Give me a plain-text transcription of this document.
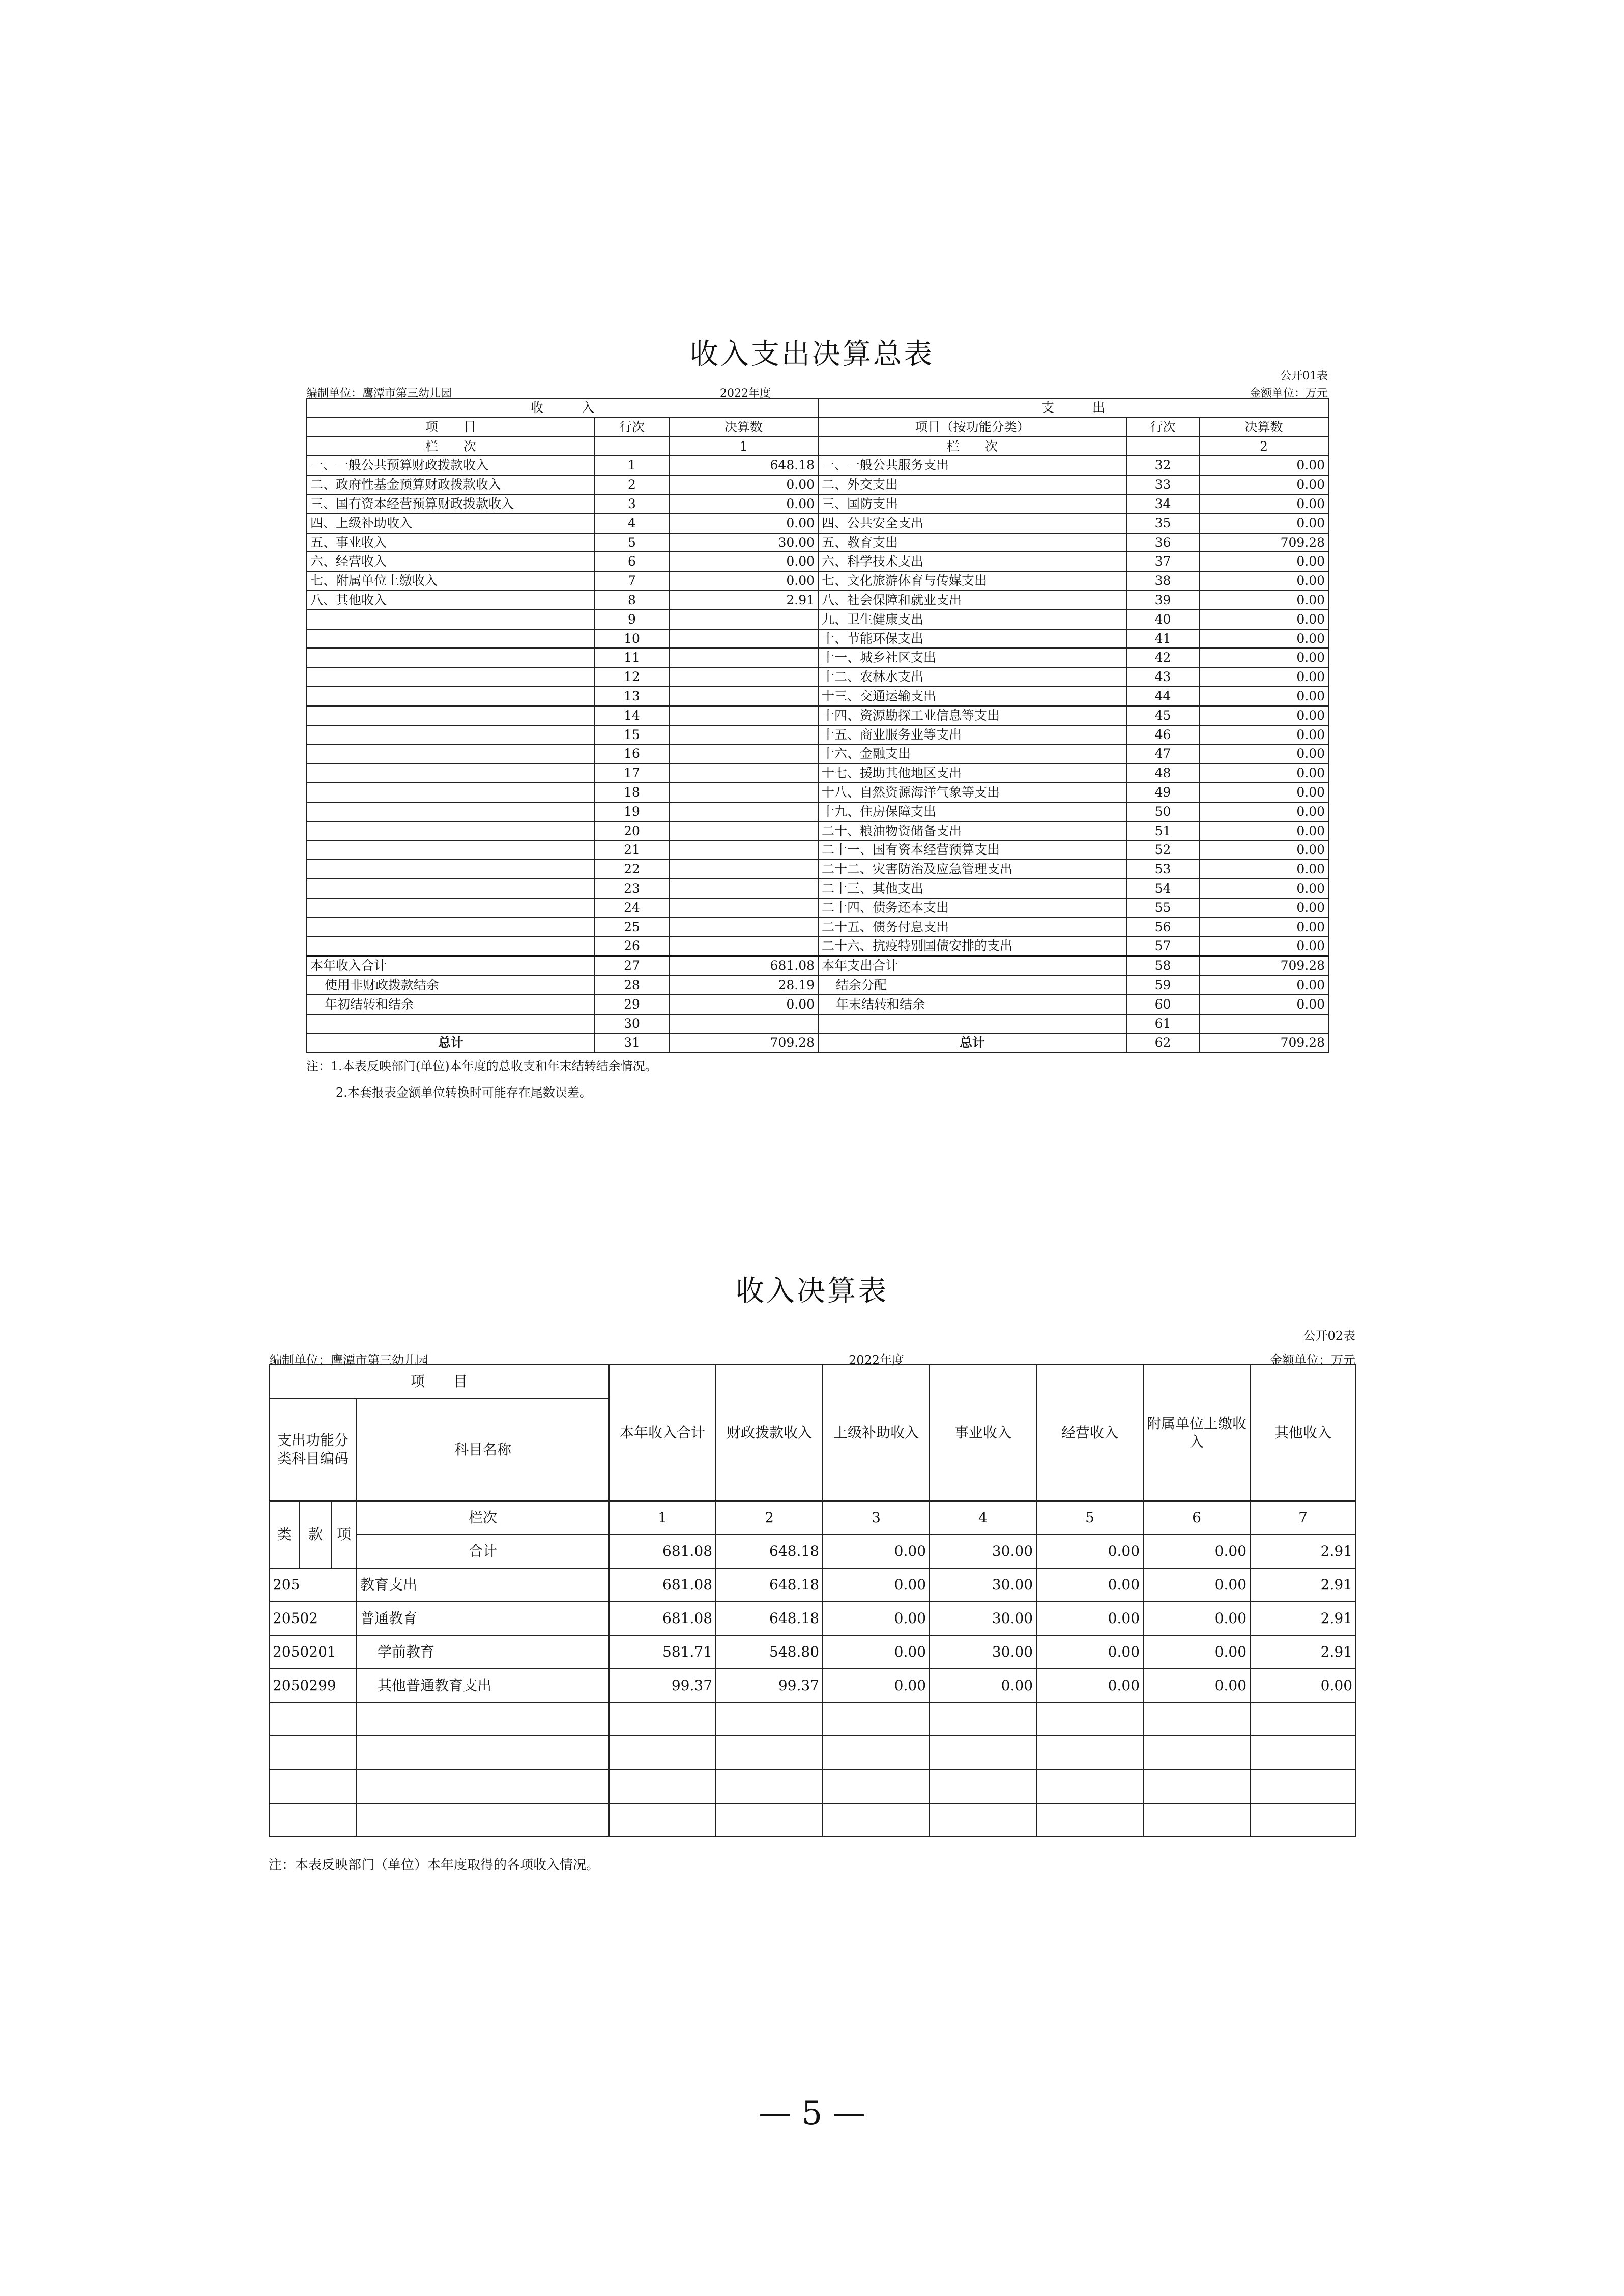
收入支出决算总表
公开01表
编制单位：鹰潭市第三幼儿园	2022年度	金额单位：万元
收　　　入			支　　　出		
项　　目	行次	决算数	项目（按功能分类）	行次	决算数
栏　　次		1	栏　　次		2
一、一般公共预算财政拨款收入	1	648.18	一、一般公共服务支出	32	0.00
二、政府性基金预算财政拨款收入	2	0.00	二、外交支出	33	0.00
三、国有资本经营预算财政拨款收入	3	0.00	三、国防支出	34	0.00
四、上级补助收入	4	0.00	四、公共安全支出	35	0.00
五、事业收入	5	30.00	五、教育支出	36	709.28
六、经营收入	6	0.00	六、科学技术支出	37	0.00
七、附属单位上缴收入	7	0.00	七、文化旅游体育与传媒支出	38	0.00
八、其他收入	8	2.91	八、社会保障和就业支出	39	0.00
	9		九、卫生健康支出	40	0.00
	10		十、节能环保支出	41	0.00
	11		十一、城乡社区支出	42	0.00
	12		十二、农林水支出	43	0.00
	13		十三、交通运输支出	44	0.00
	14		十四、资源勘探工业信息等支出	45	0.00
	15		十五、商业服务业等支出	46	0.00
	16		十六、金融支出	47	0.00
	17		十七、援助其他地区支出	48	0.00
	18		十八、自然资源海洋气象等支出	49	0.00
	19		十九、住房保障支出	50	0.00
	20		二十、粮油物资储备支出	51	0.00
	21		二十一、国有资本经营预算支出	52	0.00
	22		二十二、灾害防治及应急管理支出	53	0.00
	23		二十三、其他支出	54	0.00
	24		二十四、债务还本支出	55	0.00
	25		二十五、债务付息支出	56	0.00
	26		二十六、抗疫特别国债安排的支出	57	0.00
本年收入合计	27	681.08	本年支出合计	58	709.28
使用非财政拨款结余	28	28.19	结余分配	59	0.00
年初结转和结余	29	0.00	年末结转和结余	60	0.00
	30			61	
总计	31	709.28	总计	62	709.28
注：1.本表反映部门(单位)本年度的总收支和年末结转结余情况。
2.本套报表金额单位转换时可能存在尾数误差。
收入决算表
公开02表
编制单位：鹰潭市第三幼儿园	2022年度	金额单位：万元
项　　目				本年收入合计	财政拨款收入	上级补助收入	事业收入	经营收入	附属单位上缴收入	其他收入
支出功能分类科目编码			科目名称							
类	款	项	栏次	1	2	3	4	5	6	7
			合计	681.08	648.18	0.00	30.00	0.00	0.00	2.91
205			教育支出	681.08	648.18	0.00	30.00	0.00	0.00	2.91
20502			普通教育	681.08	648.18	0.00	30.00	0.00	0.00	2.91
2050201			学前教育	581.71	548.80	0.00	30.00	0.00	0.00	2.91
2050299			其他普通教育支出	99.37	99.37	0.00	0.00	0.00	0.00	0.00

注：本表反映部门（单位）本年度取得的各项收入情况。
— 5 —
